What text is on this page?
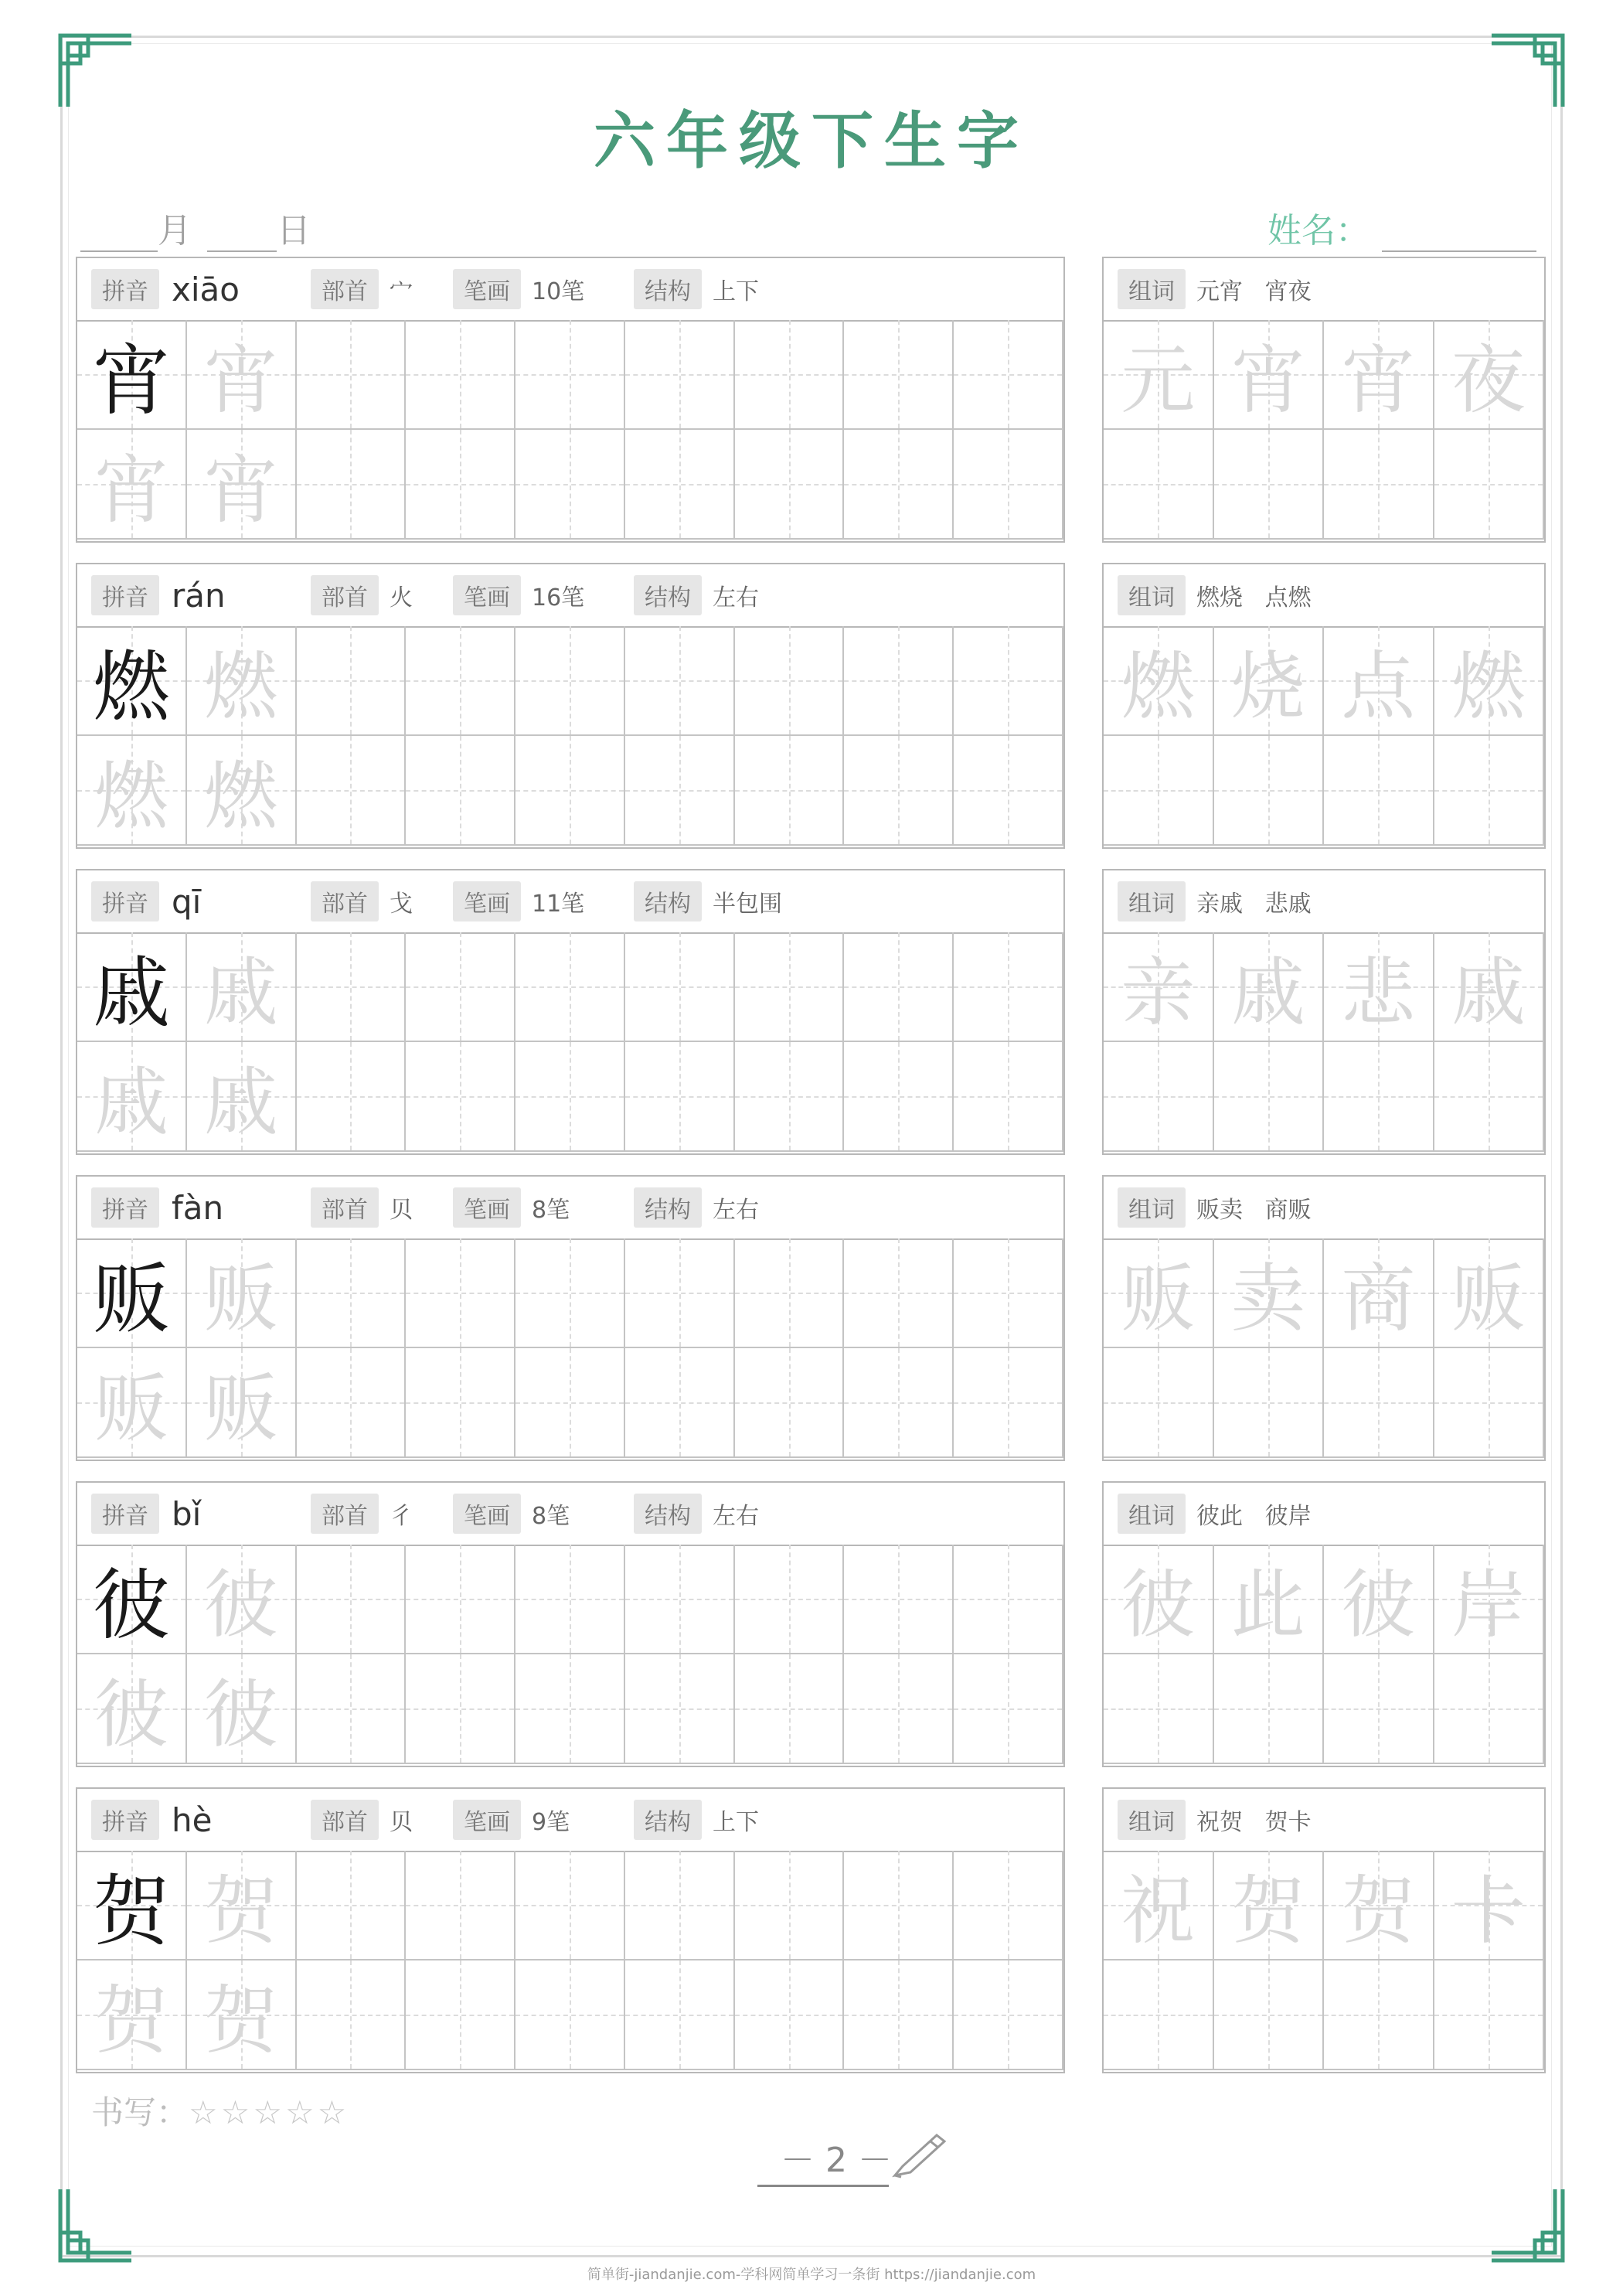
六年级下生字
月	日	姓名：
拼音 xiāo	部首 宀	笔画 10笔	结构 上下
宵 宵
宵 宵
组词 元宵   宵夜
元 宵 宵 夜
拼音 rán	部首 火	笔画 16笔	结构 左右
燃 燃
燃 燃
组词 燃烧   点燃
燃 烧 点 燃
拼音 qī	部首 戈	笔画 11笔	结构 半包围
戚 戚
戚 戚
组词 亲戚   悲戚
亲 戚 悲 戚
拼音 fàn	部首 贝	笔画 8笔	结构 左右
贩 贩
贩 贩
组词 贩卖   商贩
贩 卖 商 贩
拼音 bǐ	部首 彳	笔画 8笔	结构 左右
彼 彼
彼 彼
组词 彼此   彼岸
彼 此 彼 岸
拼音 hè	部首 贝	笔画 9笔	结构 上下
贺 贺
贺 贺
组词 祝贺   贺卡
祝 贺 贺 卡
书写：☆☆☆☆☆
－ 2 －
简单街-jiandanjie.com-学科网简单学习一条街 https://jiandanjie.com
